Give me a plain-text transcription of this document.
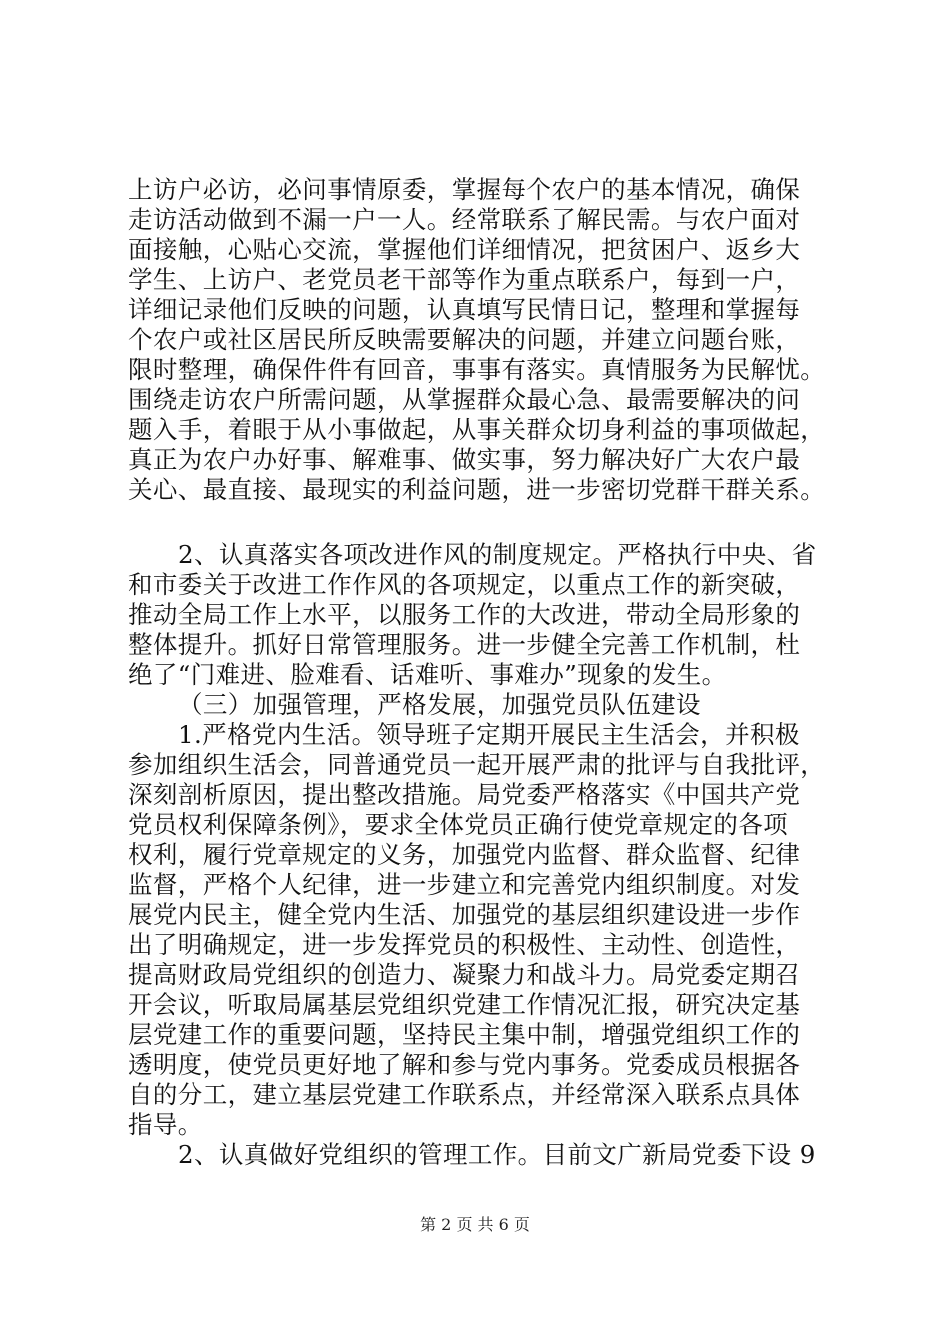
上访户必访，必问事情原委，掌握每个农户的基本情况，确保
走访活动做到不漏一户一人。经常联系了解民需。与农户面对
面接触，心贴心交流，掌握他们详细情况，把贫困户、返乡大
学生、上访户、老党员老干部等作为重点联系户，每到一户，
详细记录他们反映的问题，认真填写民情日记，整理和掌握每
个农户或社区居民所反映需要解决的问题，并建立问题台账，
限时整理，确保件件有回音，事事有落实。真情服务为民解忧。
围绕走访农户所需问题，从掌握群众最心急、最需要解决的问
题入手，着眼于从小事做起，从事关群众切身利益的事项做起，
真正为农户办好事、解难事、做实事，努力解决好广大农户最
关心、最直接、最现实的利益问题，进一步密切党群干群关系。
2、认真落实各项改进作风的制度规定。严格执行中央、省
和市委关于改进工作作风的各项规定，以重点工作的新突破，
推动全局工作上水平，以服务工作的大改进，带动全局形象的
整体提升。抓好日常管理服务。进一步健全完善工作机制，杜
绝了“门难进、脸难看、话难听、事难办”现象的发生。
（三）加强管理，严格发展，加强党员队伍建设
1.严格党内生活。领导班子定期开展民主生活会，并积极
参加组织生活会，同普通党员一起开展严肃的批评与自我批评，
深刻剖析原因，提出整改措施。局党委严格落实《中国共产党
党员权利保障条例》，要求全体党员正确行使党章规定的各项
权利，履行党章规定的义务，加强党内监督、群众监督、纪律
监督，严格个人纪律，进一步建立和完善党内组织制度。对发
展党内民主，健全党内生活、加强党的基层组织建设进一步作
出了明确规定，进一步发挥党员的积极性、主动性、创造性，
提高财政局党组织的创造力、凝聚力和战斗力。局党委定期召
开会议，听取局属基层党组织党建工作情况汇报，研究决定基
层党建工作的重要问题，坚持民主集中制，增强党组织工作的
透明度，使党员更好地了解和参与党内事务。党委成员根据各
自的分工，建立基层党建工作联系点，并经常深入联系点具体
指导。
2、认真做好党组织的管理工作。目前文广新局党委下设 9
第 2 页 共 6 页
